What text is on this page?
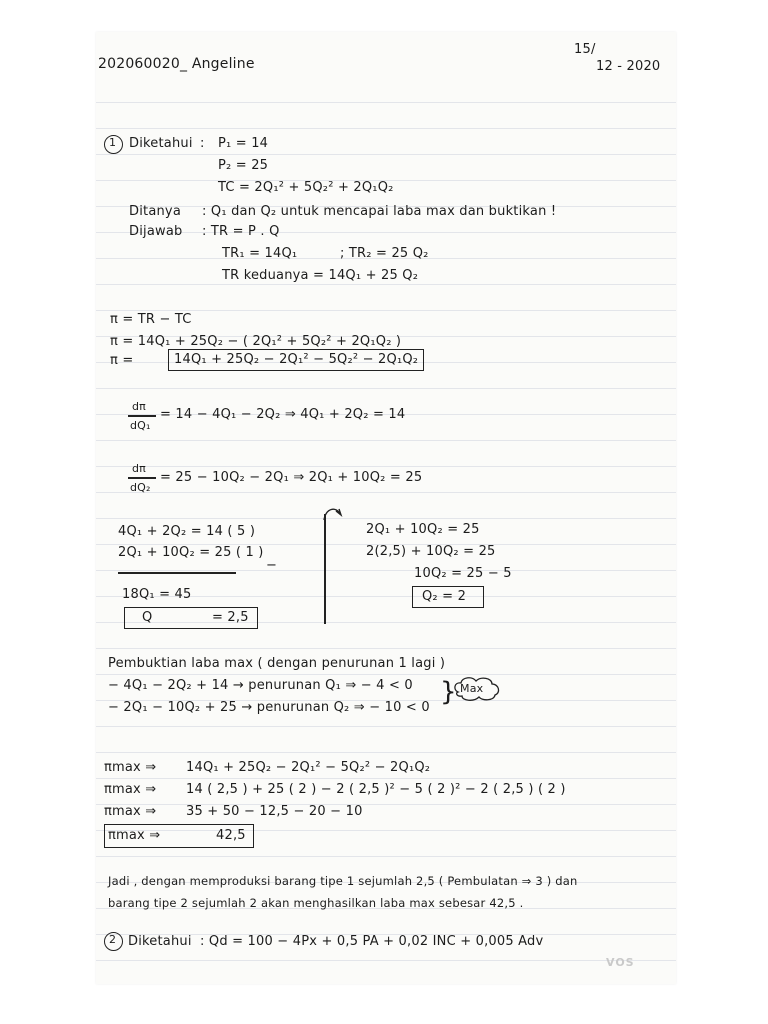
202060020_ Angeline
15/
12 - 2020
1 Diketahui : P₁ = 14
P₂ = 25
TC = 2Q₁² + 5Q₂² + 2Q₁Q₂
Ditanya : Q₁ dan Q₂ untuk mencapai laba max dan buktikan !
Dijawab : TR = P . Q
TR₁ = 14Q₁	; TR₂ = 25 Q₂
TR keduanya = 14Q₁ + 25 Q₂
π = TR − TC
π = 14Q₁ + 25Q₂ − ( 2Q₁² + 5Q₂² + 2Q₁Q₂ )
π =	14Q₁ + 25Q₂ − 2Q₁² − 5Q₂² − 2Q₁Q₂
dπ
dQ₁
= 14 − 4Q₁ − 2Q₂ ⇒ 4Q₁ + 2Q₂ = 14
dπ
dQ₂
= 25 − 10Q₂ − 2Q₁ ⇒ 2Q₁ + 10Q₂ = 25
4Q₁ + 2Q₂ = 14 ( 5 )
2Q₁ + 10Q₂ = 25 ( 1 )
−
18Q₁ = 45
Q	= 2,5
2Q₁ + 10Q₂ = 25
2(2,5) + 10Q₂ = 25
10Q₂ = 25 − 5
Q₂ = 2
Pembuktian laba max ( dengan penurunan 1 lagi )
− 4Q₁ − 2Q₂ + 14 → penurunan Q₁ ⇒ − 4 < 0
− 2Q₁ − 10Q₂ + 25 → penurunan Q₂ ⇒ − 10 < 0
} Max
πmax ⇒ 14Q₁ + 25Q₂ − 2Q₁² − 5Q₂² − 2Q₁Q₂
πmax ⇒ 14 ( 2,5 ) + 25 ( 2 ) − 2 ( 2,5 )² − 5 ( 2 )² − 2 ( 2,5 ) ( 2 )
πmax ⇒ 35 + 50 − 12,5 − 20 − 10
πmax ⇒	42,5
Jadi , dengan memproduksi barang tipe 1 sejumlah 2,5 ( Pembulatan ⇒ 3 ) dan
barang tipe 2 sejumlah 2 akan menghasilkan laba max sebesar 42,5 .
2 Diketahui : Qd = 100 − 4Px + 0,5 PA + 0,02 INC + 0,005 Adv
VOS
